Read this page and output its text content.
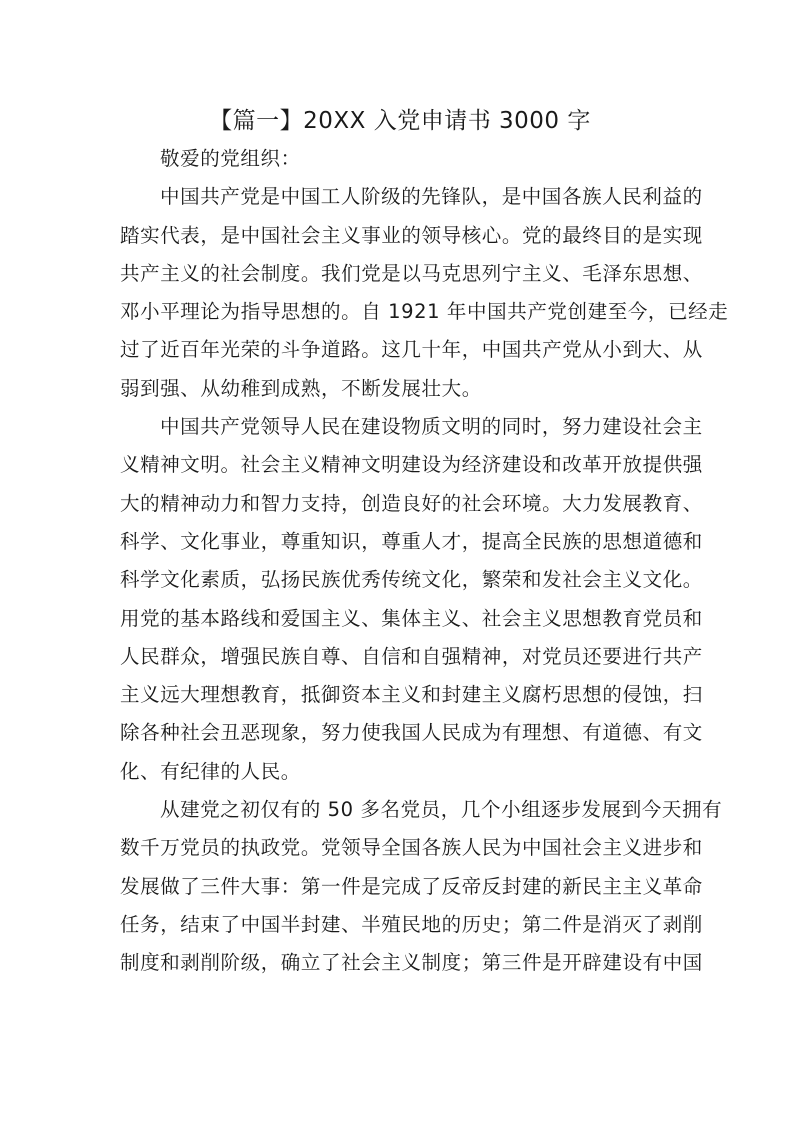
【篇一】20XX 入党申请书 3000 字
敬爱的党组织：
中国共产党是中国工人阶级的先锋队，是中国各族人民利益的
踏实代表，是中国社会主义事业的领导核心。党的最终目的是实现
共产主义的社会制度。我们党是以马克思列宁主义、毛泽东思想、
邓小平理论为指导思想的。自 1921 年中国共产党创建至今，已经走
过了近百年光荣的斗争道路。这几十年，中国共产党从小到大、从
弱到强、从幼稚到成熟，不断发展壮大。
中国共产党领导人民在建设物质文明的同时，努力建设社会主
义精神文明。社会主义精神文明建设为经济建设和改革开放提供强
大的精神动力和智力支持，创造良好的社会环境。大力发展教育、
科学、文化事业，尊重知识，尊重人才，提高全民族的思想道德和
科学文化素质，弘扬民族优秀传统文化，繁荣和发社会主义文化。
用党的基本路线和爱国主义、集体主义、社会主义思想教育党员和
人民群众，增强民族自尊、自信和自强精神，对党员还要进行共产
主义远大理想教育，抵御资本主义和封建主义腐朽思想的侵蚀，扫
除各种社会丑恶现象，努力使我国人民成为有理想、有道德、有文
化、有纪律的人民。
从建党之初仅有的 50 多名党员，几个小组逐步发展到今天拥有
数千万党员的执政党。党领导全国各族人民为中国社会主义进步和
发展做了三件大事：第一件是完成了反帝反封建的新民主主义革命
任务，结束了中国半封建、半殖民地的历史；第二件是消灭了剥削
制度和剥削阶级，确立了社会主义制度；第三件是开辟建设有中国
